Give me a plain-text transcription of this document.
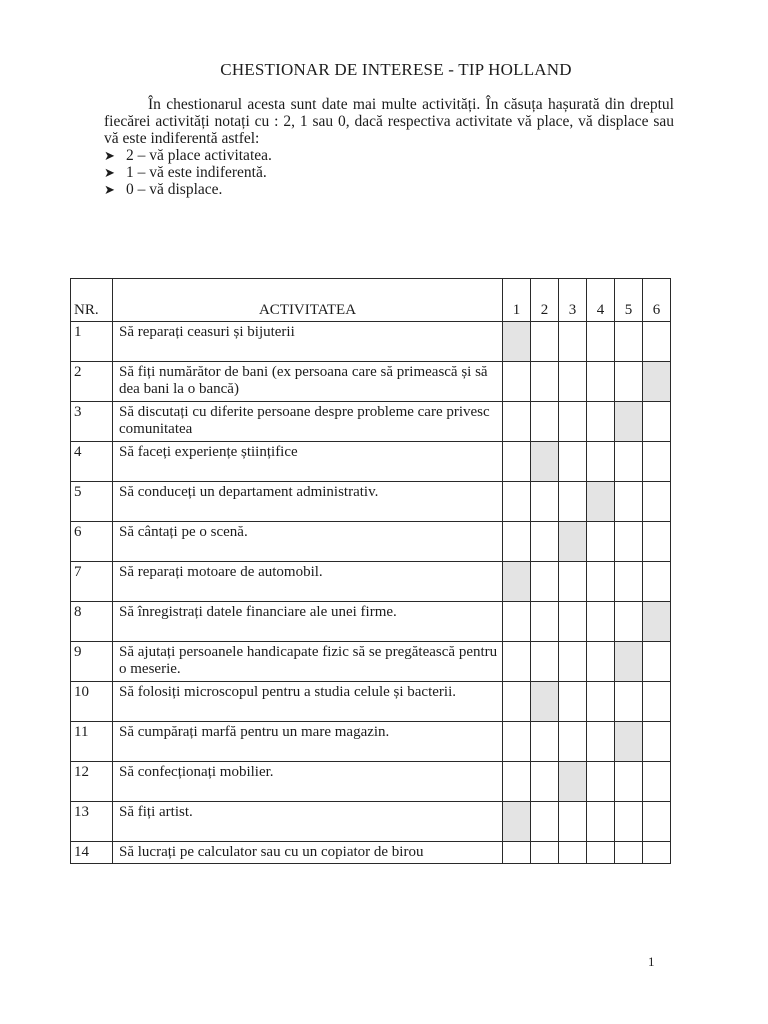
CHESTIONAR DE INTERESE - TIP HOLLAND

În chestionarul acesta sunt date mai multe activități. În căsuța hașurată din dreptul fiecărei activități notați cu : 2, 1 sau 0, dacă respectiva activitate vă place, vă displace sau vă este indiferentă astfel:

➤ 2 – vă place activitatea.
➤ 1 – vă este indiferentă.
➤ 0 – vă displace.
NR.	ACTIVITATEA	1	2	3	4	5	6
1	Să reparați ceasuri și bijuterii						
2	Să fiți numărător de bani (ex persoana care să primească și să dea bani la o bancă)						
3	Să discutați cu diferite persoane despre probleme care privesc comunitatea						
4	Să faceți experiențe științifice						
5	Să conduceți un departament administrativ.						
6	Să cântați pe o scenă.						
7	Să reparați motoare de automobil.						
8	Să înregistrați datele financiare ale unei firme.						
9	Să ajutați persoanele handicapate fizic să se pregătească pentru o meserie.						
10	Să folosiți microscopul pentru a studia celule și bacterii.						
11	Să cumpărați marfă pentru un mare magazin.						
12	Să confecționați mobilier.						
13	Să fiți artist.						
14	Să lucrați pe calculator sau cu un copiator de birou						
1
